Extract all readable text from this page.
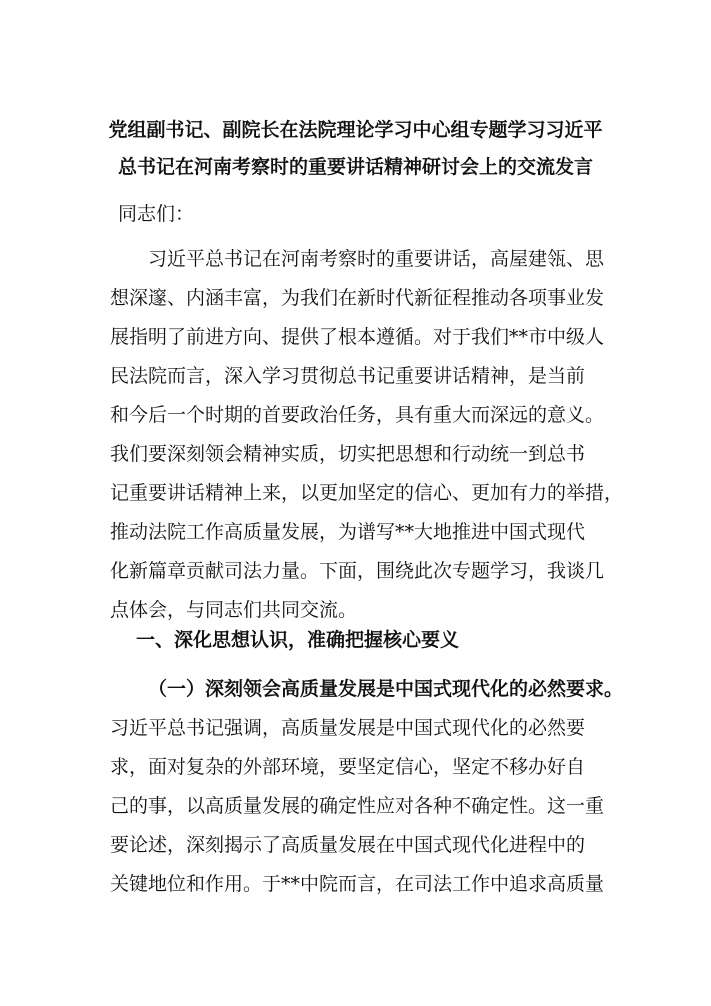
党组副书记、副院长在法院理论学习中心组专题学习习近平
总书记在河南考察时的重要讲话精神研讨会上的交流发言
同志们：
习近平总书记在河南考察时的重要讲话，高屋建瓴、思
想深邃、内涵丰富，为我们在新时代新征程推动各项事业发
展指明了前进方向、提供了根本遵循。对于我们**市中级人
民法院而言，深入学习贯彻总书记重要讲话精神，是当前
和今后一个时期的首要政治任务，具有重大而深远的意义。
我们要深刻领会精神实质，切实把思想和行动统一到总书
记重要讲话精神上来，以更加坚定的信心、更加有力的举措，
推动法院工作高质量发展，为谱写**大地推进中国式现代
化新篇章贡献司法力量。下面，围绕此次专题学习，我谈几
点体会，与同志们共同交流。
一、深化思想认识，准确把握核心要义
（一）深刻领会高质量发展是中国式现代化的必然要求。
习近平总书记强调，高质量发展是中国式现代化的必然要
求，面对复杂的外部环境，要坚定信心，坚定不移办好自
己的事，以高质量发展的确定性应对各种不确定性。这一重
要论述，深刻揭示了高质量发展在中国式现代化进程中的
关键地位和作用。于**中院而言，在司法工作中追求高质量
